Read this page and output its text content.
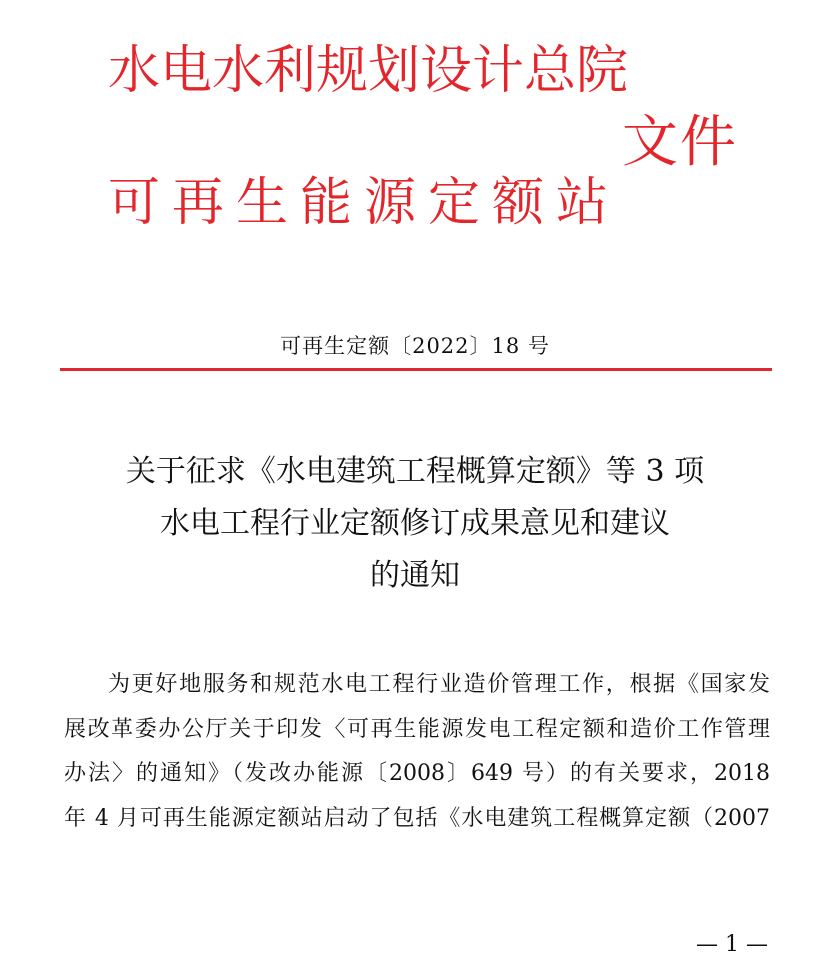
水电水利规划设计总院
可再生能源定额站
文件
可再生定额〔2022〕18 号
关于征求《水电建筑工程概算定额》等 3 项
水电工程行业定额修订成果意见和建议
的通知
为更好地服务和规范水电工程行业造价管理工作，根据《国家发
展改革委办公厅关于印发〈可再生能源发电工程定额和造价工作管理
办法〉的通知》（发改办能源〔2008〕649 号）的有关要求，2018
年 4 月可再生能源定额站启动了包括《水电建筑工程概算定额（2007
— 1 —
